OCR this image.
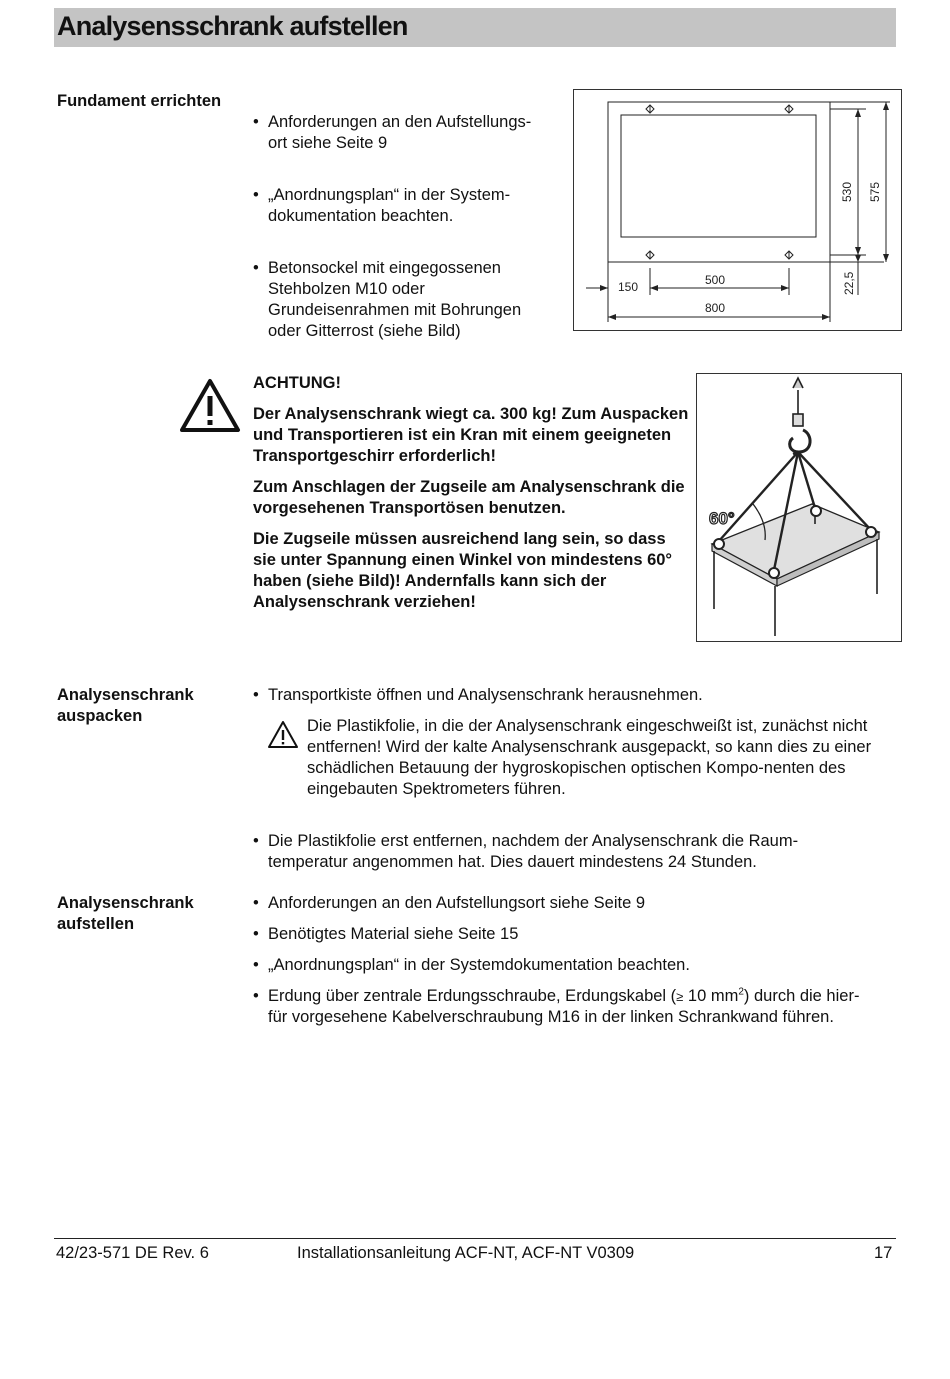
Analysensschrank aufstellen
Fundament errichten

• Anforderungen an den Aufstellungs-
ort siehe Seite 9

• „Anordnungsplan“ in der System-
dokumentation beachten.

• Betonsockel mit eingegossenen
Stehbolzen M10 oder
Grundeisenrahmen mit Bohrungen
oder Gitterrost (siehe Bild)

530 575
22,5
150	500
800

ACHTUNG!

Der Analysenschrank wiegt ca. 300 kg! Zum Auspacken und Transportieren ist ein Kran mit einem geeigneten Transportgeschirr erforderlich!

Zum Anschlagen der Zugseile am Analysenschrank die vorgesehenen Transportösen benutzen.

Die Zugseile müssen ausreichend lang sein, so dass sie unter Spannung einen Winkel von mindestens 60° haben (siehe Bild)! Andernfalls kann sich der Analysenschrank verziehen!

60°
Analysenschrank
auspacken
• Transportkiste öffnen und Analysenschrank herausnehmen.
Die Plastikfolie, in die der Analysenschrank eingeschweißt ist, zunächst nicht entfernen! Wird der kalte Analysenschrank ausgepackt, so kann dies zu einer schädlichen Betauung der hygroskopischen optischen Kompo-nenten des eingebauten Spektrometers führen.

• Die Plastikfolie erst entfernen, nachdem der Analysenschrank die Raum-
temperatur angenommen hat. Dies dauert mindestens 24 Stunden.

Analysenschrank
aufstellen
• Anforderungen an den Aufstellungsort siehe Seite 9
• Benötigtes Material siehe Seite 15
• „Anordnungsplan“ in der Systemdokumentation beachten.
• Erdung über zentrale Erdungsschraube, Erdungskabel (≥ 10 $mm^2$) durch die hier-
für vorgesehene Kabelverschraubung M16 in der linken Schrankwand führen.
42/23-571 DE Rev. 6	Installationsanleitung ACF-NT, ACF-NT V0309	17
